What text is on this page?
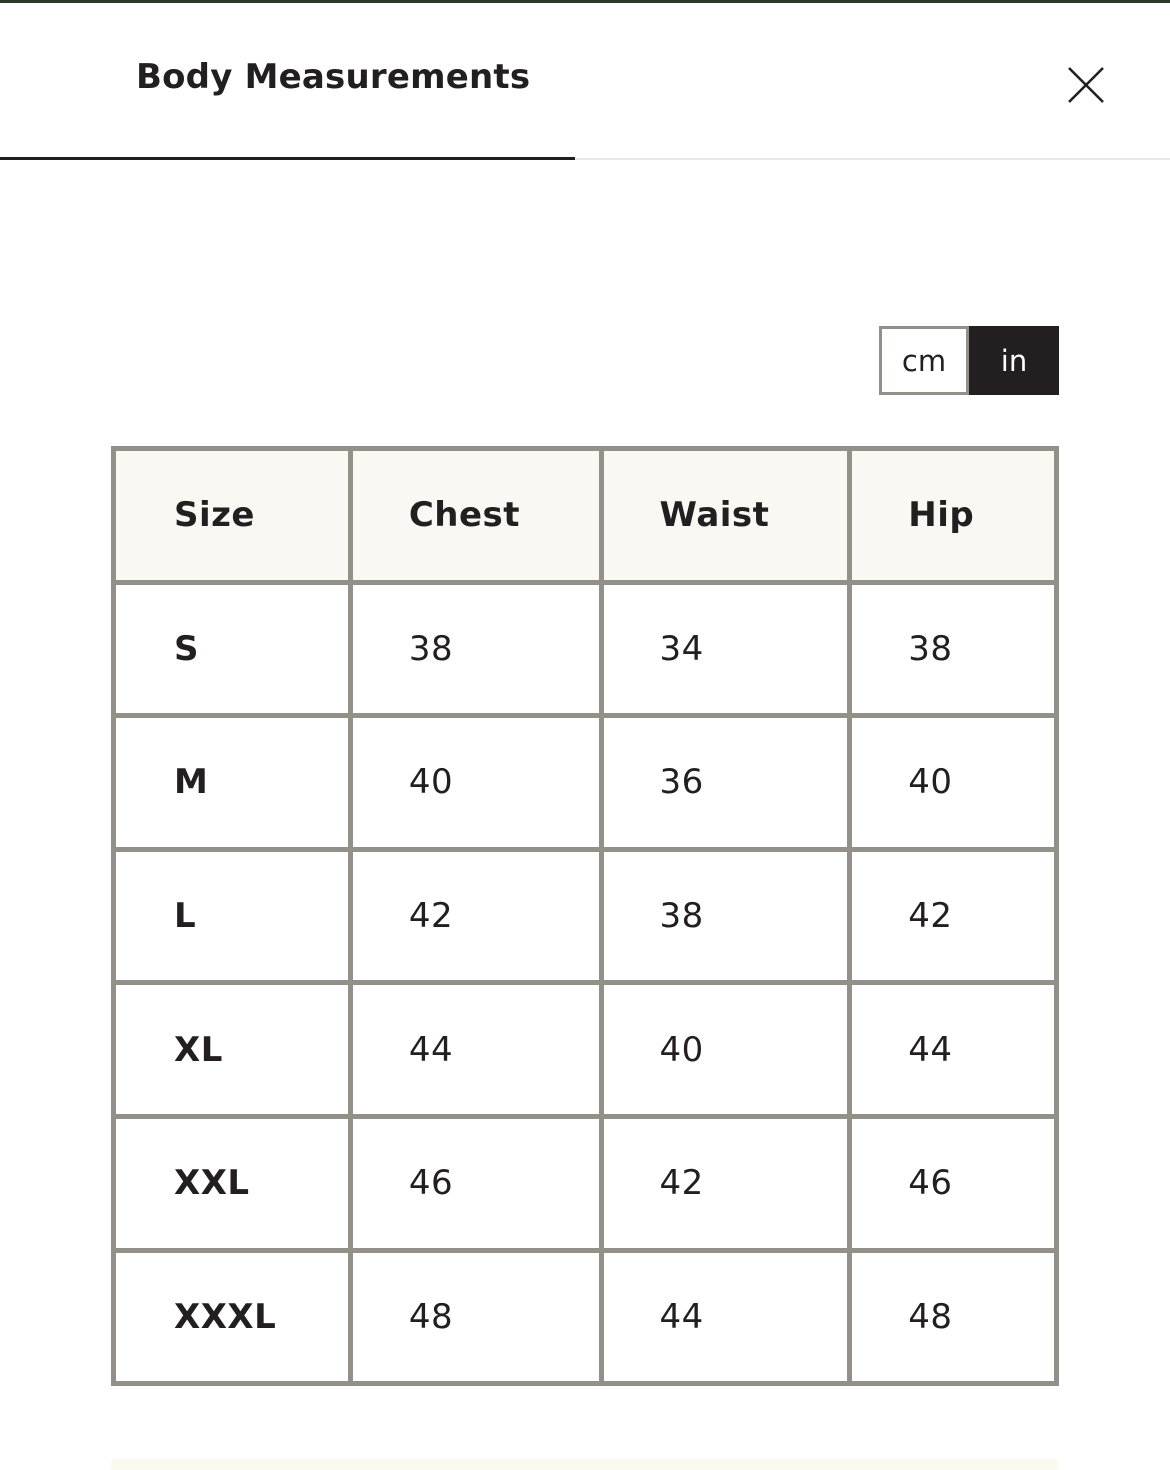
Body Measurements
cm	in
Size	Chest	Waist	Hip
S	38	34	38
M	40	36	40
L	42	38	42
XL	44	40	44
XXL	46	42	46
XXXL	48	44	48
